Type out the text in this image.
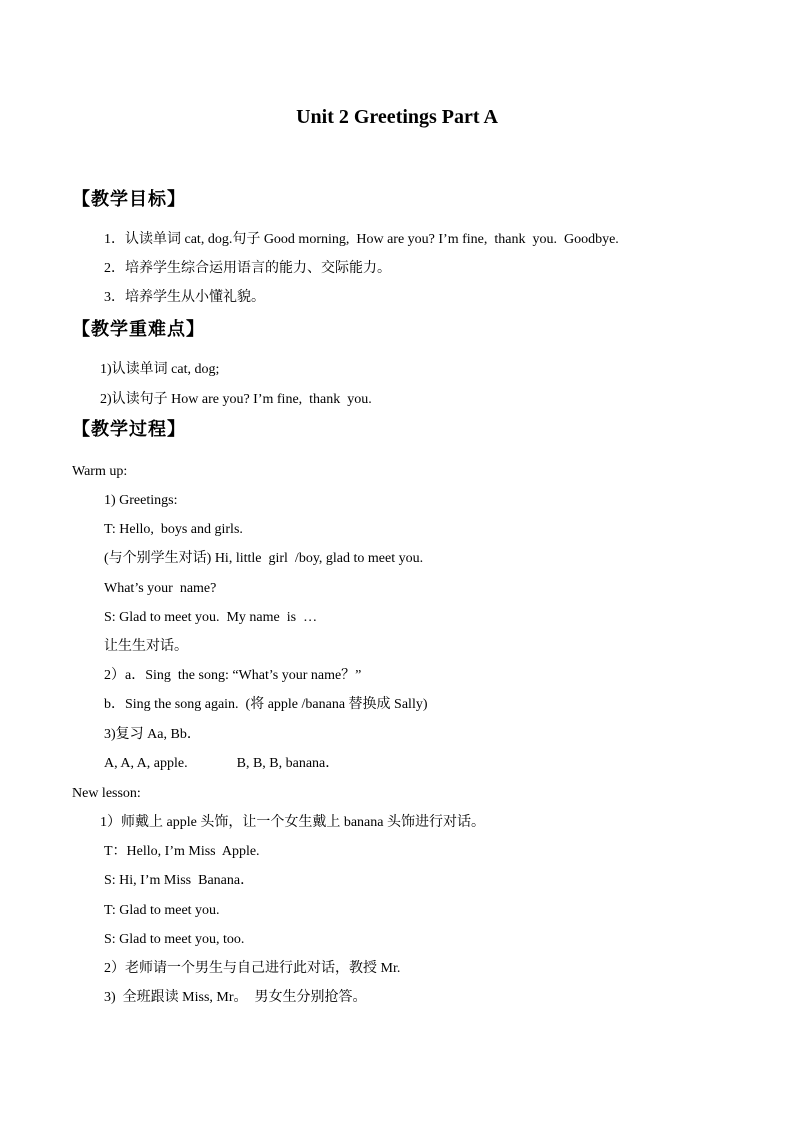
Unit 2 Greetings Part A
【教学目标】
1．认读单词 cat, dog.句子 Good morning,  How are you? I’m fine,  thank  you.  Goodbye.
2．培养学生综合运用语言的能力、交际能力。
3．培养学生从小懂礼貌。
【教学重难点】
1)认读单词 cat, dog;
2)认读句子 How are you? I’m fine,  thank  you.
【教学过程】
Warm up:
1) Greetings:
T: Hello,  boys and girls.
(与个别学生对话) Hi, little  girl  /boy, glad to meet you.
What’s your  name?
S: Glad to meet you.  My name  is  …
让生生对话。
2）a．Sing  the song: “What’s your name？”
b．Sing the song again.  (将 apple /banana 替换成 Sally)
3)复习 Aa, Bb．
A, A, A, apple.              B, B, B, banana．
New lesson:
1）师戴上 apple 头饰，让一个女生戴上 banana 头饰进行对话。
T：Hello, I’m Miss  Apple.
S: Hi, I’m Miss  Banana．
T: Glad to meet you.
S: Glad to meet you, too.
2）老师请一个男生与自己进行此对话，教授 Mr.
3)  全班跟读 Miss, Mr。  男女生分别抢答。
